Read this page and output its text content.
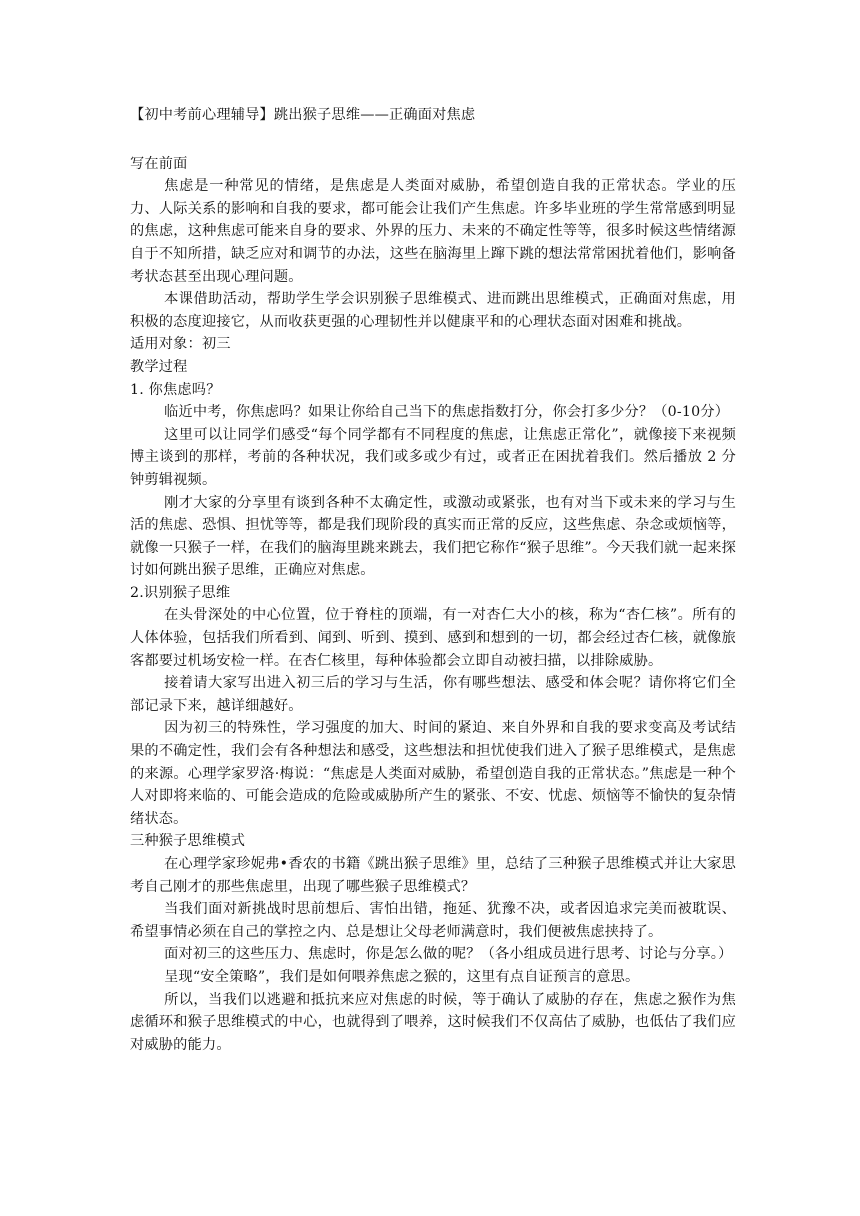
【初中考前心理辅导】跳出猴子思维——正确面对焦虑

写在前面

焦虑是一种常见的情绪，是焦虑是人类面对威胁，希望创造自我的正常状态。学业的压力、人际关系的影响和自我的要求，都可能会让我们产生焦虑。许多毕业班的学生常常感到明显的焦虑，这种焦虑可能来自身的要求、外界的压力、未来的不确定性等等，很多时候这些情绪源自于不知所措，缺乏应对和调节的办法，这些在脑海里上蹿下跳的想法常常困扰着他们，影响备考状态甚至出现心理问题。

本课借助活动，帮助学生学会识别猴子思维模式、进而跳出思维模式，正确面对焦虑，用积极的态度迎接它，从而收获更强的心理韧性并以健康平和的心理状态面对困难和挑战。

适用对象：初三

教学过程

1. 你焦虑吗？

临近中考，你焦虑吗？如果让你给自己当下的焦虑指数打分，你会打多少分？（0-10分）

这里可以让同学们感受“每个同学都有不同程度的焦虑，让焦虑正常化”，就像接下来视频博主谈到的那样，考前的各种状况，我们或多或少有过，或者正在困扰着我们。然后播放 2 分钟剪辑视频。

刚才大家的分享里有谈到各种不太确定性，或激动或紧张，也有对当下或未来的学习与生活的焦虑、恐惧、担忧等等，都是我们现阶段的真实而正常的反应，这些焦虑、杂念或烦恼等，就像一只猴子一样，在我们的脑海里跳来跳去，我们把它称作“猴子思维”。今天我们就一起来探讨如何跳出猴子思维，正确应对焦虑。

2.识别猴子思维

在头骨深处的中心位置，位于脊柱的顶端，有一对杏仁大小的核，称为“杏仁核”。所有的人体体验，包括我们所看到、闻到、听到、摸到、感到和想到的一切，都会经过杏仁核，就像旅客都要过机场安检一样。在杏仁核里，每种体验都会立即自动被扫描，以排除威胁。

接着请大家写出进入初三后的学习与生活，你有哪些想法、感受和体会呢？请你将它们全部记录下来，越详细越好。

因为初三的特殊性，学习强度的加大、时间的紧迫、来自外界和自我的要求变高及考试结果的不确定性，我们会有各种想法和感受，这些想法和担忧使我们进入了猴子思维模式，是焦虑的来源。心理学家罗洛·梅说：“焦虑是人类面对威胁，希望创造自我的正常状态。”焦虑是一种个人对即将来临的、可能会造成的危险或威胁所产生的紧张、不安、忧虑、烦恼等不愉快的复杂情绪状态。

三种猴子思维模式

在心理学家珍妮弗•香农的书籍《跳出猴子思维》里，总结了三种猴子思维模式并让大家思考自己刚才的那些焦虑里，出现了哪些猴子思维模式？

当我们面对新挑战时思前想后、害怕出错，拖延、犹豫不决，或者因追求完美而被耽误、希望事情必须在自己的掌控之内、总是想让父母老师满意时，我们便被焦虑挟持了。

面对初三的这些压力、焦虑时，你是怎么做的呢？（各小组成员进行思考、讨论与分享。）

呈现“安全策略”，我们是如何喂养焦虑之猴的，这里有点自证预言的意思。

所以，当我们以逃避和抵抗来应对焦虑的时候，等于确认了威胁的存在，焦虑之猴作为焦虑循环和猴子思维模式的中心，也就得到了喂养，这时候我们不仅高估了威胁，也低估了我们应对威胁的能力。
